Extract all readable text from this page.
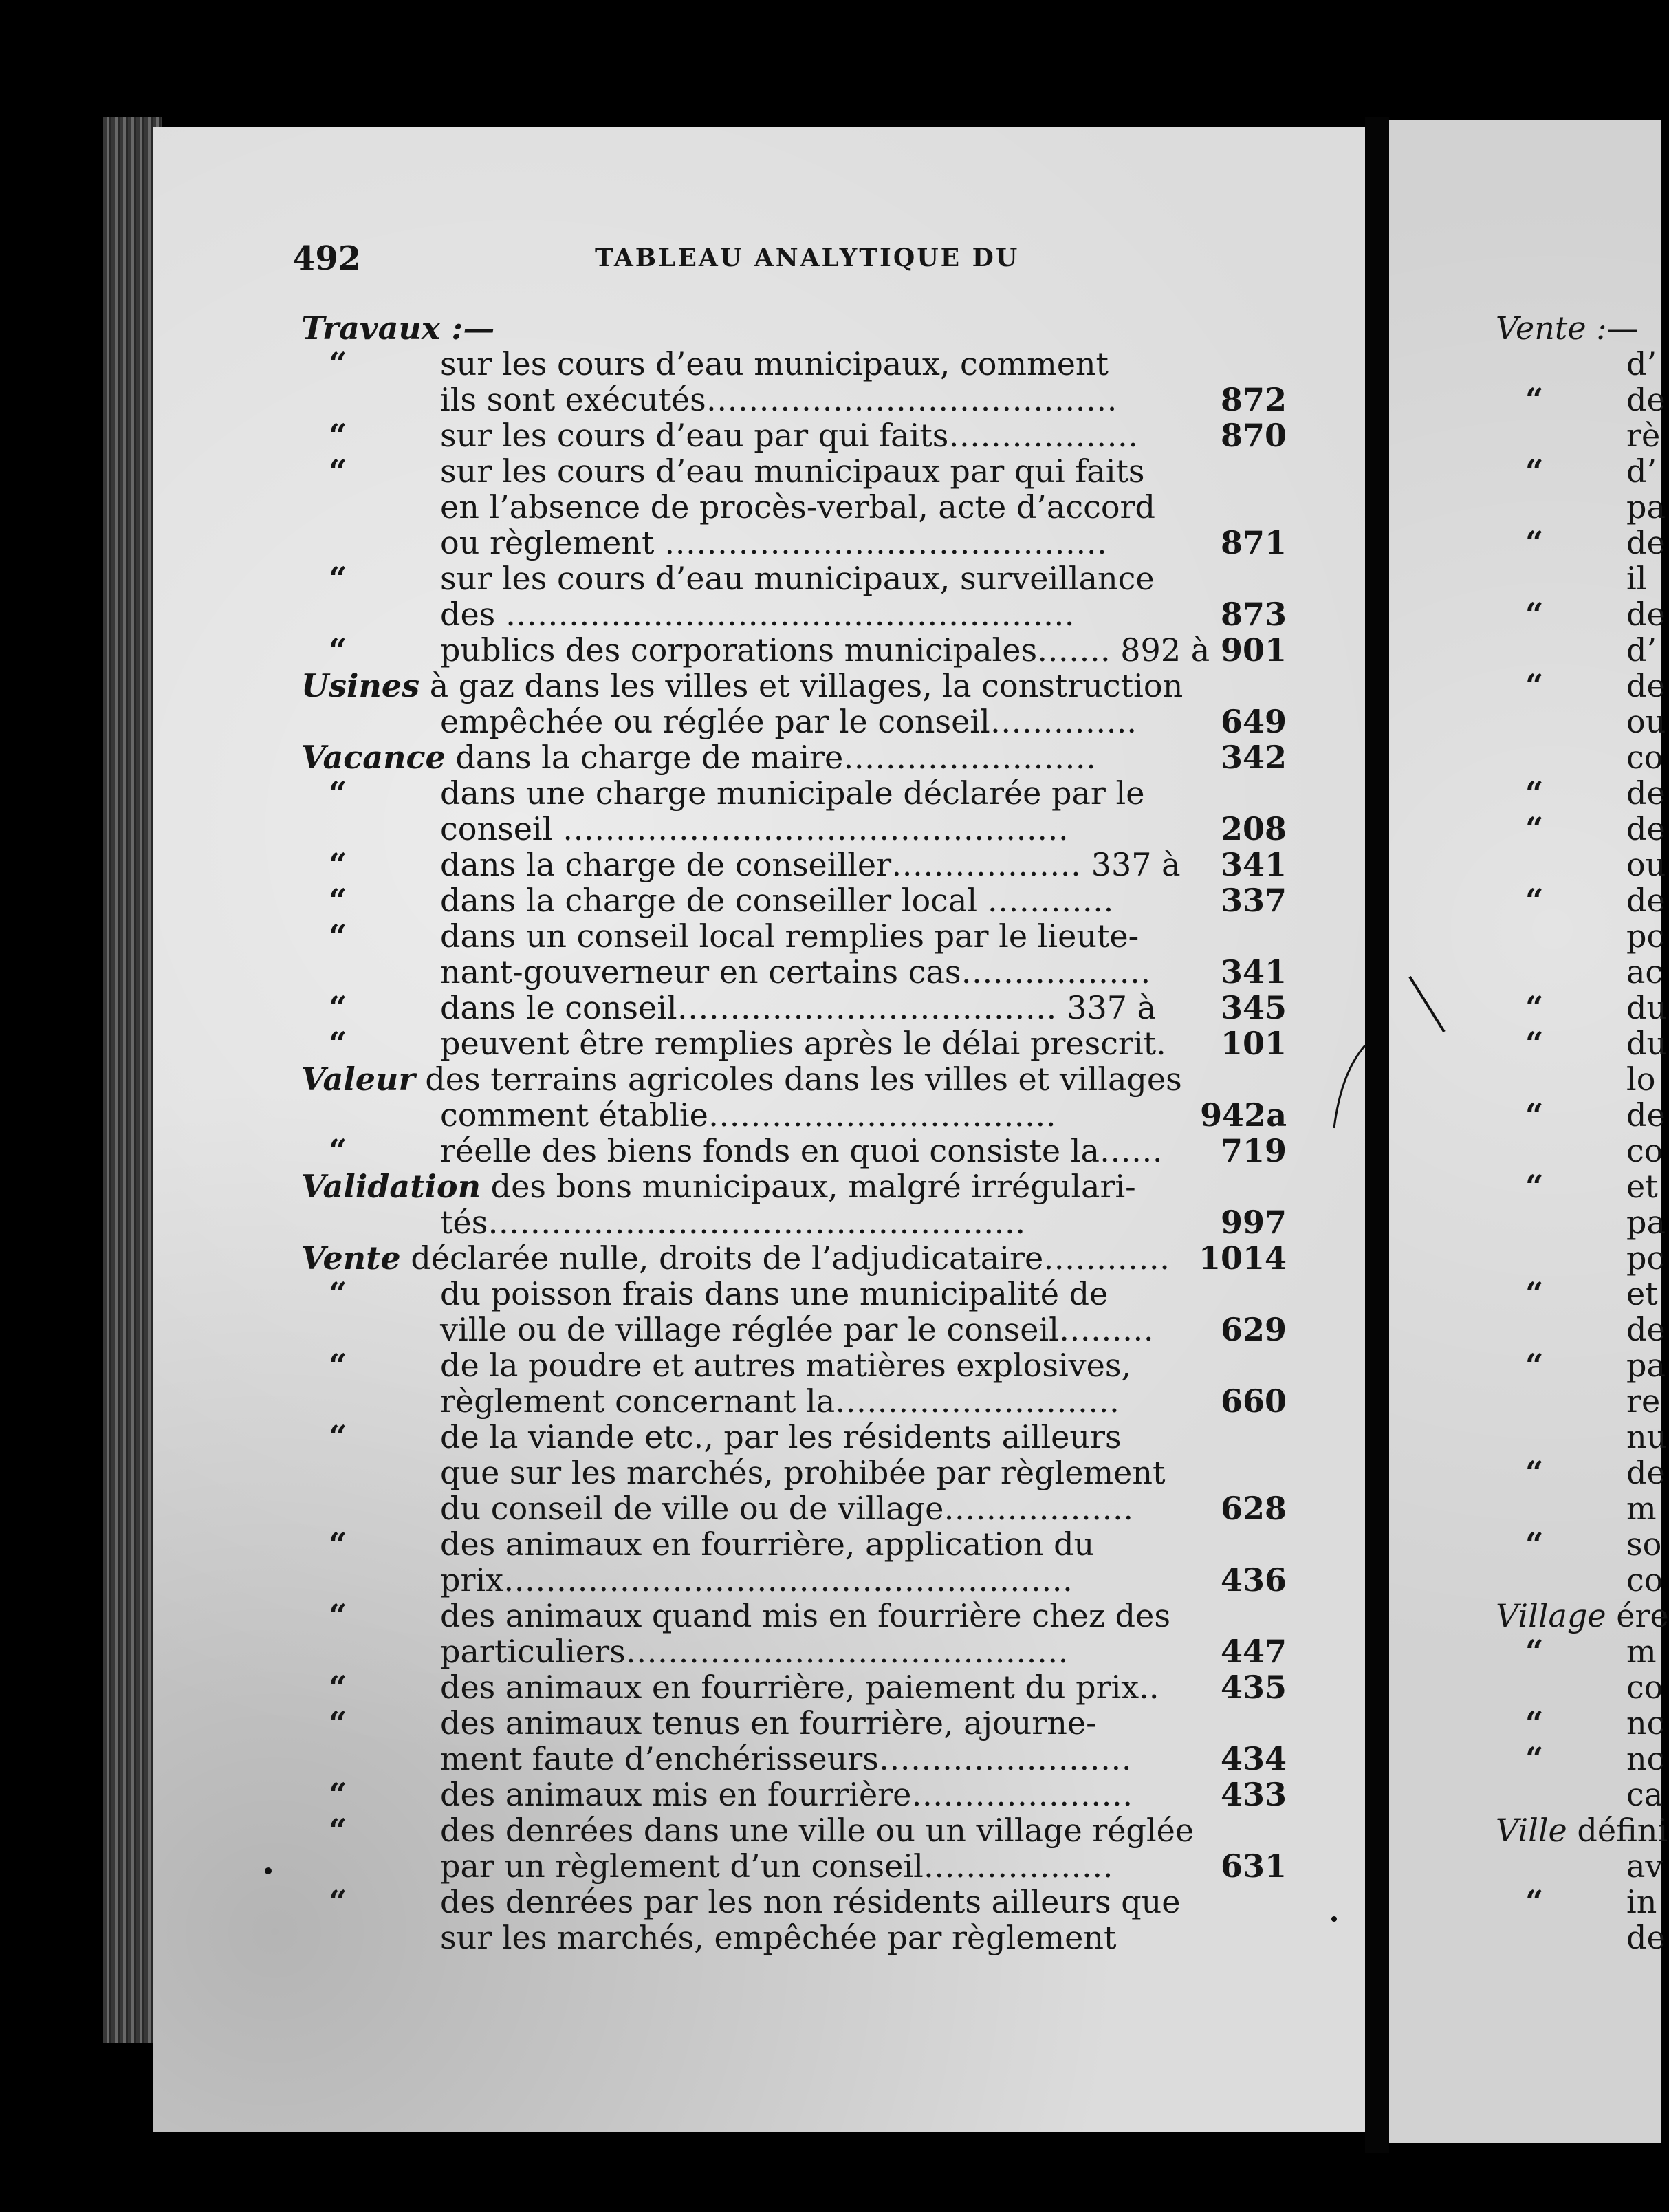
492	TABLEAU ANALYTIQUE DU
Travaux :—
“	sur les cours d’eau municipaux, comment
ils sont exécutés…………………………………	872
“	sur les cours d’eau par qui faits………………	870
“	sur les cours d’eau municipaux par qui faits
en l’absence de procès-verbal, acte d’accord
ou règlement ……………………………………	871
“	sur les cours d’eau municipaux, surveillance
des ………………………………………………	873
“	publics des corporations municipales……. 892 à 901
Usines à gaz dans les villes et villages, la construction
empêchée ou réglée par le conseil…………..	649
Vacance dans la charge de maire……………………	342
“	dans une charge municipale déclarée par le
conseil …………………………………………	208
“	dans la charge de conseiller……………… 337 à 341
“	dans la charge de conseiller local …………	337
“	dans un conseil local remplies par le lieute-
nant-gouverneur en certains cas……………… 341
“	dans le conseil……………………………… 337 à 345
“	peuvent être remplies après le délai prescrit. 101
Valeur des terrains agricoles dans les villes et villages
comment établie……………………………	942a
“	réelle des biens fonds en quoi consiste la…… 719
Validation des bons municipaux, malgré irrégulari-
tés……………………………………………	997
Vente déclarée nulle, droits de l’adjudicataire………… 1014
“	du poisson frais dans une municipalité de
ville ou de village réglée par le conseil……… 629
“	de la poudre et autres matières explosives,
règlement concernant la………………………	660
“	de la viande etc., par les résidents ailleurs
que sur les marchés, prohibée par règlement
du conseil de ville ou de village………………	628
“	des animaux en fourrière, application du
prix………………………………………………	436
“	des animaux quand mis en fourrière chez des
particuliers……………………………………	447
“	des animaux en fourrière, paiement du prix.. 435
“	des animaux tenus en fourrière, ajourne-
ment faute d’enchérisseurs……………………	434
“	des animaux mis en fourrière…………………	433
“	des denrées dans une ville ou un village réglée
par un règlement d’un conseil………………	631
“	des denrées par les non résidents ailleurs que
sur les marchés, empêchée par règlement
Vente :—
d’
“	de
rè
“	d’
pa
“	de
il
“	de
d’
“	de
ou
co
“	de
“	de
ou
“	de
pc
ac
“	du
“	du
lo
“	de
co
“	et
pa
pc
“	et
de
“	pa
re
nu
“	de
m
“	so
co
Village ére
“	m
co
“	nc
“	nc
ca
Ville défini
av
“	in
de
